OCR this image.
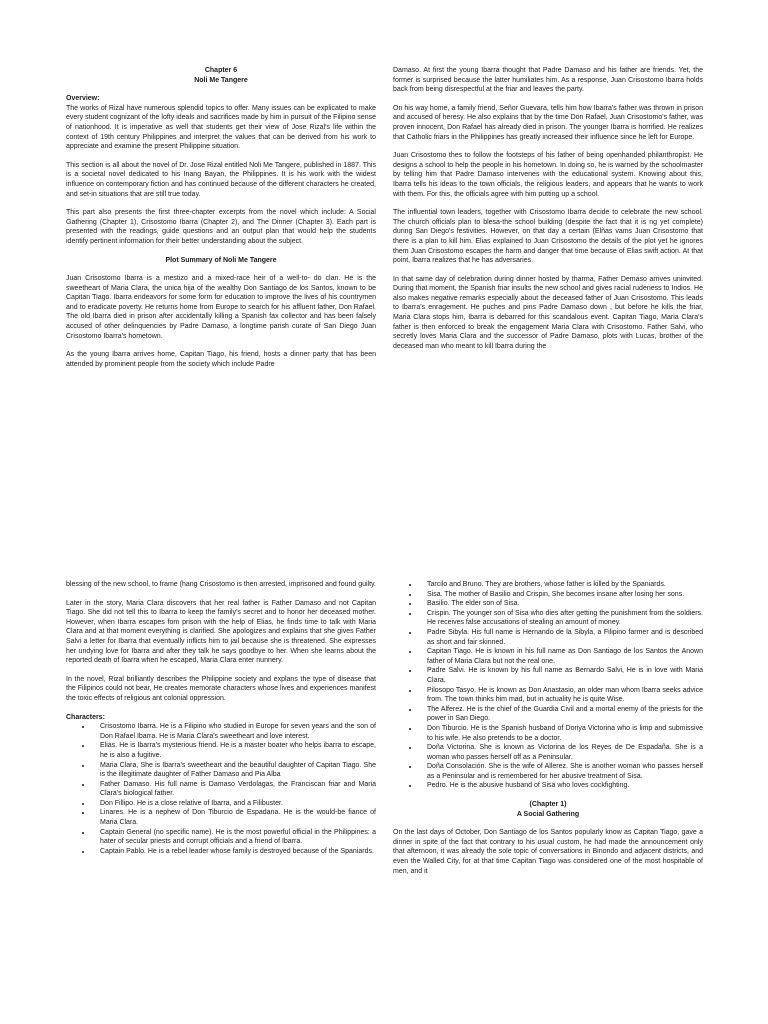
Chapter 6
Noli Me Tangere
Overview:

The works of Rizal have numerous splendid topics to offer. Many issues can be explicated to make every student cognizant of the lofty ideals and sacrifices made by him in pursuit of the Filipino sense of nationhood. It is imperative as well that students get their view of Jose Rizal's life within the context of 19th century Philippines and interpret the values that can be derived from his work to appreciate and examine the present Philippine situation.

This section is all about the novel of Dr. Jose Rizal entitled Noli Me Tangere, published in 1887. This is a societal novel dedicated to his Inang Bayan, the Philippines. It is his work with the widest influence on contemporary fiction and has continued because of the different characters he created, and set-in situations that are still true today.

This part also presents the first three-chapter excerpts from the novel which include: A Social Gathering (Chapter 1), Crisostomo Ibarra (Chapter 2), and The Dinner (Chapter 3). Each part is presented with the readings, guide questions and an output plan that would help the students identify pertinent information for their better understanding about the subject.

Plot Summary of Noli Me Tangere

Juan Crisostomo Ibarra is a mestizo and a mixed-race heir of a well-to- do clan. He is the sweetheart of Maria Clara, the unica hija of the wealthy Don Santiago de los Santos, known to be Capitan Tiago. Ibarra endeavors for some form for education to improve the lives of his countrymen and to eradicate poverty. He returns home from Europe to search for his affluent father, Don Rafael. The old Ibarra died in prison after accidentally killing a Spanish fax collector and has been falsely accused of other delinquencies by Padre Damaso, a longtime parish curate of San Diego Juan Crisostomo Ibarra's hometown.

As the young Ibarra arrives home, Capitan Tiago, his friend, hosts a dinner party that has been attended by prominent people from the society which include Padre

Damaso. At first the young Ibarra thought that Padre Damaso and his father are friends. Yet, the former is surprised because the latter humiliates him. As a response, Juan Crisostomo Ibarra holds back from being disrespectful at the friar and leaves the party.

On his way home, a family friend, Señor Guevara, tells him how Ibarra's father was thrown in prison and accused of heresy. He also explains that by the time Don Rafael, Juan Crisostomo's father, was proven innocent, Don Rafael has already died in prison. The younger Ibarra is horrified. He realizes that Catholic friars in the Philippines has greatly increased their influence since he left for Europe.

Juan Crisostomo thes to follow the footsteps of his father of being openhanded philanthropist. He designs a school to help the people in his hometown. In doing so, he is warned by the schoolmaster by telling him that Padre Damaso intervenes with the educational system. Knowing about this, Ibarra tells his ideas to the town officials, the religious leaders, and appears that he wants to work with them. For this, the officials agree with him putting up a school.

The influential town leaders, together with Crisostomo Ibarra decide to celebrate the new school. The church officials plan to blesa-the school building (despite the fact that it is ng yet complete) during San Diego's festivities. However, on that day a certain (Elñas vams Juan Crisostomo that there is a plan to kill him. Elias explained to Juan Crisostomo the details of the plot yet he ignores them Juan Crisostomo escapes the harm and danger that time because of Elias swift action. At that point, Ibarra realizes that he has adversaries.

In that same day of celebration during dinner hosted by tharma, Father Demaso arrives uninvited. During that moment, the Spanish friar insults the new school and gives racial rudeness to Indios. He also makes negative remarks especially about the deceased father of Juan Crisostomo. This leads to Ibarra's enragement. He puches and pins Padre Damaso down , but before he kills the friar, Maria Clara stops him, Ibarra is debarred for this scandalous event. Capitan Tiago, Maria Clara's father is then enforced to break the engagement Maria Clara with Crisostomo. Father Salvi, who secretly loves Maria Clara and the successor of Padre Damaso, plots with Lucas, brother of the deceased man who meant to kill Ibarra during the

blessing of the new school, to frame (hang Crisostomo is then arrested, imprisoned and found guilty.

Later in the story, Maria Clara discovers that her real father is Father Damaso and not Capitan Tiago. She did not tell this to Ibarra to keep the family's secret and to honor her deceased mother. However, when Ibarra escapes fom prison with the help of Elias, he finds time to talk with Maria Clara and at that moment everything is clarified. She apologizes and explains that she gives Father Salvi a letter for Ibarra that eventually inflicts him to jail because she is threatened. She expresses her undying love for Ibarra and after they talk he says goodbye to her. When she learns about the reported death of Ibarra when he escaped, Maria Clara enter nunnery.

In the novel, Rizal brilliantly describes the Philippine society and explans the type of disease that the Filipinos could not bear, He creates memorate characters whose lives and experiences manifest the toxic effects of religious ant colonial oppression.

Characters:
• Crisostomo Ibarra. He is a Filipino who studied in Europe for seven years and the son of Don Rafael Ibarra. He is Maria Clara's sweetheart and love interest.
• Elias. He is Ibarra's mysterious friend. He is a master boater who helps ibarra to escape, he is also a fugitive.
• Maria Clara, She is Ibarra's sweetheart and the beautiful daughter of Capitan Tiago. She is the illegitimate daughter of Father Damaso and Pia Alba
• Father Damaso. His full name is Damaso Verdolagas, the Franciscan friar and Maria Clara's biological father.
• Don Fillipo. He is a close relative of Ibarra, and a Filibuster.
• Linares. He is a nephew of Don Tiburcio de Espadana. He is the would-be fiance of Maria Clara.
• Captain General (no specific name). He is the most powerful official in the Philippines: a hater of secular priests and corrupt officials and a friend of Ibarra.
• Captain Pablo. He is a rebel leader whose family is destroyed because of the Spaniards.
• Tarcilo and Bruno. They are brothers, whose father is killed by the Spaniards.
• Sisa. The mother of Basilio and Crispin, She becomes insane after losing her sons.
• Basilio. The elder son of Sisa.
• Crispin. The younger son of Sisa who dies after getting the punishment from the soldiers. He receives false accusations of stealing an amount of money.
• Padre Sibyla. His full name is Hernando de la Sibyla, a Filipino farmer and is described as short and fair skinned.
• Capitan Tiago. He is known in his full name as Don Santiago de los Santos the Anown father of Maria Clara but not the real one.
• Padre Salvi. He is known by his full name as Bernardo Salvi, He is in love with Maria Clara.
• Pilosopo Tasyo. He is known as Don Anastasio, an older man whom Ibarra seeks advice from. The town thinks him mad, but in actuality he is quite Wise.
• The Alferez. He is the chief of the Guardia Civil and a mortal enemy of the priests for the power in San Diego.
• Don Tiburcio. He is the Spanish husband of Doriya Victorina who is limp and submissive to his wife. He also pretends to be a doctor.
• Doña Victorina. She is known as Victorina de los Reyes de De Espadaña. She is a woman who passes herself off as a Peninsular.
• Doña Consolación. She is the wife of Allerez. She is another woman who passes herself as a Peninsular and is remembered for her abusive treatment of Sisa.
• Pedro. He is the abusive husband of Sisa who loves cockfighting.
(Chapter 1)
A Social Gathering

On the last days of October, Don Santiago de los Santos popularly know as Capitan Tiago, gave a dinner in spite of the fact that contrary to his usual custom, he had made the announcement only that afternoon, it was already the sole topic of conversations in Binondo and adjacent districts, and even the Walled City, for at that time Capitan Tiago was considered one of the most hospitable of men, and it
